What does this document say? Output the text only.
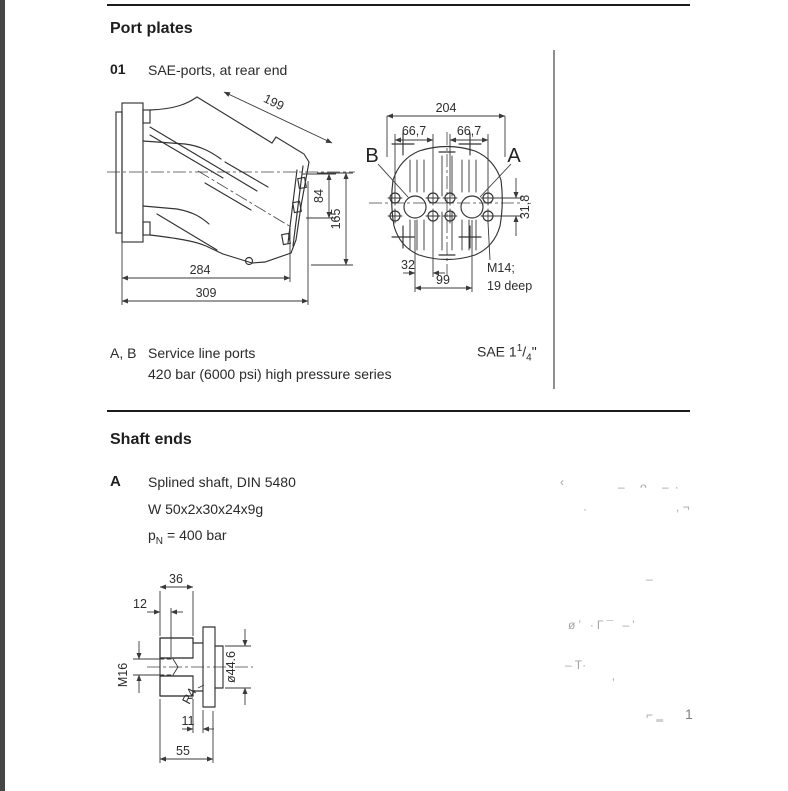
Port plates
01 SAE-ports, at rear end
199
84
165
284
309
204
66,7 66,7
B	A
31,8
32
99
M14;
19 deep
A, B Service line ports
420 bar (6000 psi) high pressure series
SAE $1^1/_4$"
Shaft ends
A Splined shaft, DIN 5480
W 50x2x30x24x9g
$p_N = 400$ bar
36
12
M16	ø44.6
R4
11
55
‹	– ᴖ –·
·	, ¬
–
ø’ ·Γ¯ –’
– T·
’
⌐ ‗ 1
